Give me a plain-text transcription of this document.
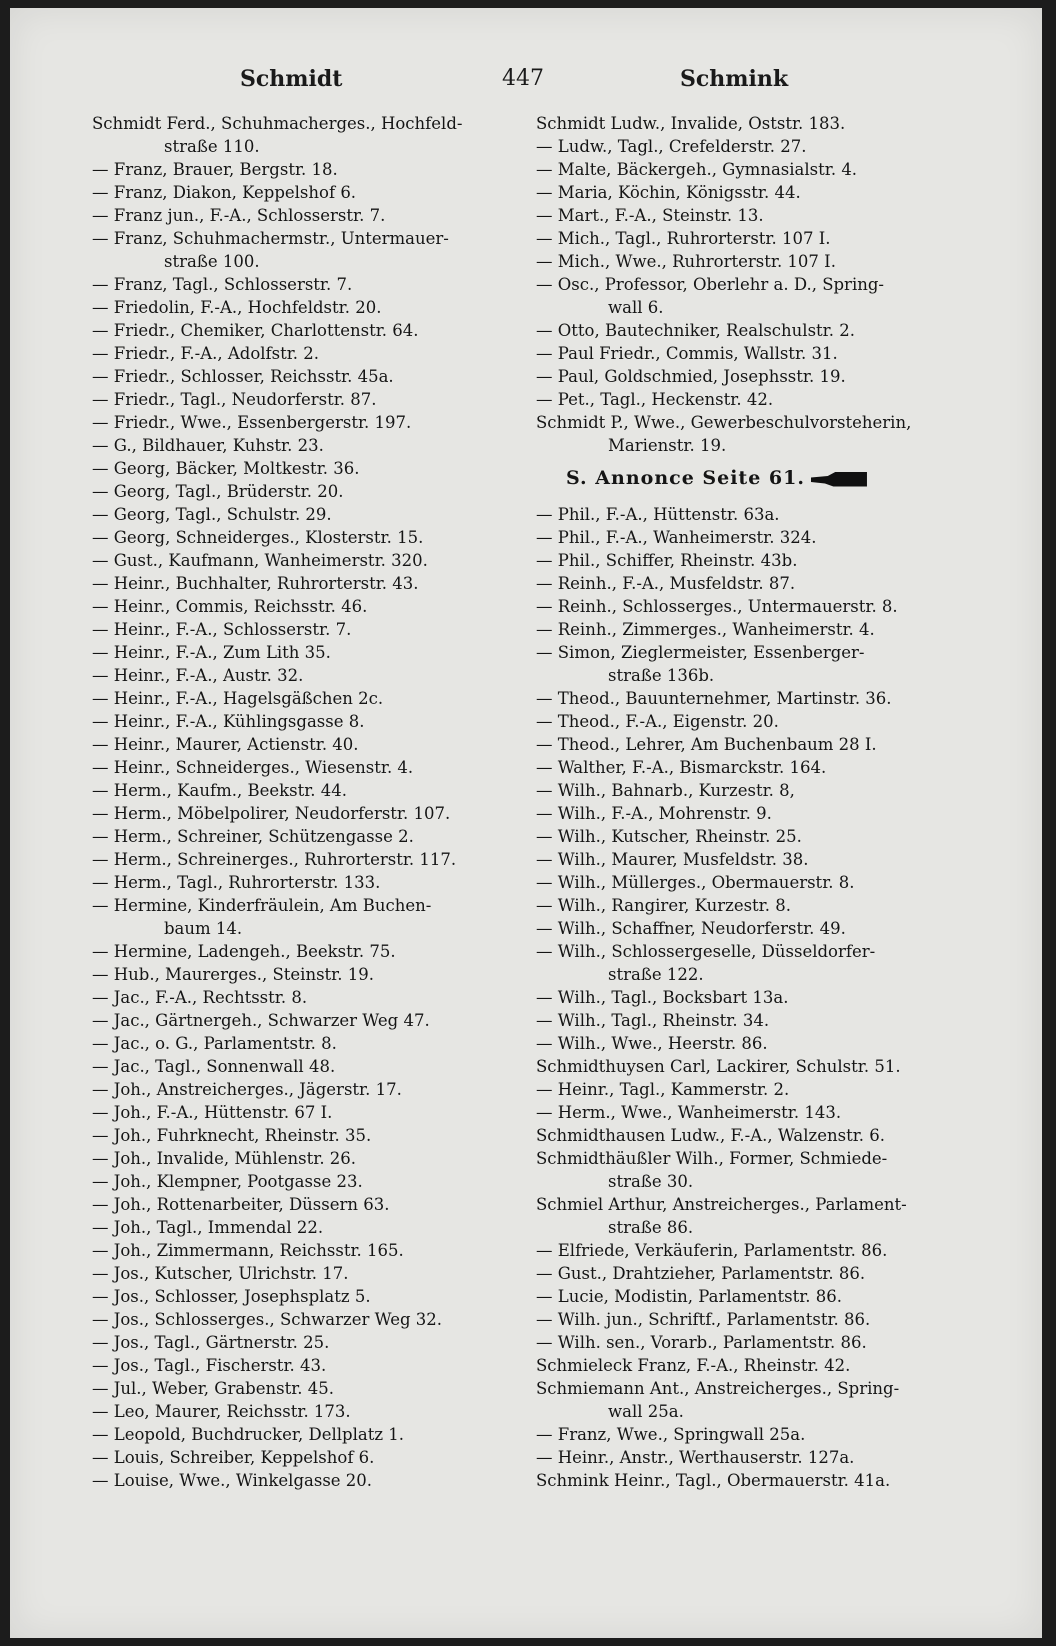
Schmidt	447	Schmink
Schmidt Ferd., Schuhmacherges., Hochfeld-
straße 110.
— Franz, Brauer, Bergstr. 18.
— Franz, Diakon, Keppelshof 6.
— Franz jun., F.-A., Schlosserstr. 7.
— Franz, Schuhmachermstr., Untermauer-
straße 100.
— Franz, Tagl., Schlosserstr. 7.
— Friedolin, F.-A., Hochfeldstr. 20.
— Friedr., Chemiker, Charlottenstr. 64.
— Friedr., F.-A., Adolfstr. 2.
— Friedr., Schlosser, Reichsstr. 45a.
— Friedr., Tagl., Neudorferstr. 87.
— Friedr., Wwe., Essenbergerstr. 197.
— G., Bildhauer, Kuhstr. 23.
— Georg, Bäcker, Moltkestr. 36.
— Georg, Tagl., Brüderstr. 20.
— Georg, Tagl., Schulstr. 29.
— Georg, Schneiderges., Klosterstr. 15.
— Gust., Kaufmann, Wanheimerstr. 320.
— Heinr., Buchhalter, Ruhrorterstr. 43.
— Heinr., Commis, Reichsstr. 46.
— Heinr., F.-A., Schlosserstr. 7.
— Heinr., F.-A., Zum Lith 35.
— Heinr., F.-A., Austr. 32.
— Heinr., F.-A., Hagelsgäßchen 2c.
— Heinr., F.-A., Kühlingsgasse 8.
— Heinr., Maurer, Actienstr. 40.
— Heinr., Schneiderges., Wiesenstr. 4.
— Herm., Kaufm., Beekstr. 44.
— Herm., Möbelpolirer, Neudorferstr. 107.
— Herm., Schreiner, Schützengasse 2.
— Herm., Schreinerges., Ruhrorterstr. 117.
— Herm., Tagl., Ruhrorterstr. 133.
— Hermine, Kinderfräulein, Am Buchen-
baum 14.
— Hermine, Ladengeh., Beekstr. 75.
— Hub., Maurerges., Steinstr. 19.
— Jac., F.-A., Rechtsstr. 8.
— Jac., Gärtnergeh., Schwarzer Weg 47.
— Jac., o. G., Parlamentstr. 8.
— Jac., Tagl., Sonnenwall 48.
— Joh., Anstreicherges., Jägerstr. 17.
— Joh., F.-A., Hüttenstr. 67 I.
— Joh., Fuhrknecht, Rheinstr. 35.
— Joh., Invalide, Mühlenstr. 26.
— Joh., Klempner, Pootgasse 23.
— Joh., Rottenarbeiter, Düssern 63.
— Joh., Tagl., Immendal 22.
— Joh., Zimmermann, Reichsstr. 165.
— Jos., Kutscher, Ulrichstr. 17.
— Jos., Schlosser, Josephsplatz 5.
— Jos., Schlosserges., Schwarzer Weg 32.
— Jos., Tagl., Gärtnerstr. 25.
— Jos., Tagl., Fischerstr. 43.
— Jul., Weber, Grabenstr. 45.
— Leo, Maurer, Reichsstr. 173.
— Leopold, Buchdrucker, Dellplatz 1.
— Louis, Schreiber, Keppelshof 6.
— Louise, Wwe., Winkelgasse 20.
Schmidt Ludw., Invalide, Oststr. 183.
— Ludw., Tagl., Crefelderstr. 27.
— Malte, Bäckergeh., Gymnasialstr. 4.
— Maria, Köchin, Königsstr. 44.
— Mart., F.-A., Steinstr. 13.
— Mich., Tagl., Ruhrorterstr. 107 I.
— Mich., Wwe., Ruhrorterstr. 107 I.
— Osc., Professor, Oberlehr a. D., Spring-
wall 6.
— Otto, Bautechniker, Realschulstr. 2.
— Paul Friedr., Commis, Wallstr. 31.
— Paul, Goldschmied, Josephsstr. 19.
— Pet., Tagl., Heckenstr. 42.
Schmidt P., Wwe., Gewerbeschulvorsteherin,
Marienstr. 19.
S. Annonce Seite 61.
— Phil., F.-A., Hüttenstr. 63a.
— Phil., F.-A., Wanheimerstr. 324.
— Phil., Schiffer, Rheinstr. 43b.
— Reinh., F.-A., Musfeldstr. 87.
— Reinh., Schlosserges., Untermauerstr. 8.
— Reinh., Zimmerges., Wanheimerstr. 4.
— Simon, Zieglermeister, Essenberger-
straße 136b.
— Theod., Bauunternehmer, Martinstr. 36.
— Theod., F.-A., Eigenstr. 20.
— Theod., Lehrer, Am Buchenbaum 28 I.
— Walther, F.-A., Bismarckstr. 164.
— Wilh., Bahnarb., Kurzestr. 8,
— Wilh., F.-A., Mohrenstr. 9.
— Wilh., Kutscher, Rheinstr. 25.
— Wilh., Maurer, Musfeldstr. 38.
— Wilh., Müllerges., Obermauerstr. 8.
— Wilh., Rangirer, Kurzestr. 8.
— Wilh., Schaffner, Neudorferstr. 49.
— Wilh., Schlossergeselle, Düsseldorfer-
straße 122.
— Wilh., Tagl., Bocksbart 13a.
— Wilh., Tagl., Rheinstr. 34.
— Wilh., Wwe., Heerstr. 86.
Schmidthuysen Carl, Lackirer, Schulstr. 51.
— Heinr., Tagl., Kammerstr. 2.
— Herm., Wwe., Wanheimerstr. 143.
Schmidthausen Ludw., F.-A., Walzenstr. 6.
Schmidthäußler Wilh., Former, Schmiede-
straße 30.
Schmiel Arthur, Anstreicherges., Parlament-
straße 86.
— Elfriede, Verkäuferin, Parlamentstr. 86.
— Gust., Drahtzieher, Parlamentstr. 86.
— Lucie, Modistin, Parlamentstr. 86.
— Wilh. jun., Schriftf., Parlamentstr. 86.
— Wilh. sen., Vorarb., Parlamentstr. 86.
Schmieleck Franz, F.-A., Rheinstr. 42.
Schmiemann Ant., Anstreicherges., Spring-
wall 25a.
— Franz, Wwe., Springwall 25a.
— Heinr., Anstr., Werthauserstr. 127a.
Schmink Heinr., Tagl., Obermauerstr. 41a.
